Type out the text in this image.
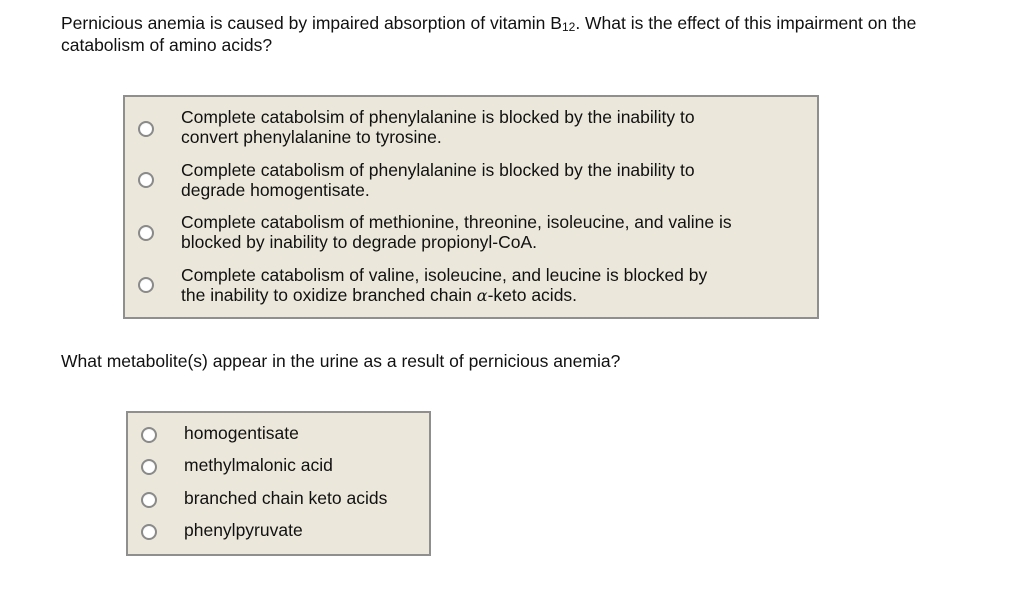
Pernicious anemia is caused by impaired absorption of vitamin $B_{12}$. What is the effect of this impairment on the catabolism of amino acids?
Complete catabolsim of phenylalanine is blocked by the inability to
convert phenylalanine to tyrosine.
Complete catabolism of phenylalanine is blocked by the inability to
degrade homogentisate.
Complete catabolism of methionine, threonine, isoleucine, and valine is
blocked by inability to degrade propionyl-CoA.
Complete catabolism of valine, isoleucine, and leucine is blocked by
the inability to oxidize branched chain α-keto acids.
What metabolite(s) appear in the urine as a result of pernicious anemia?
homogentisate
methylmalonic acid
branched chain keto acids
phenylpyruvate
